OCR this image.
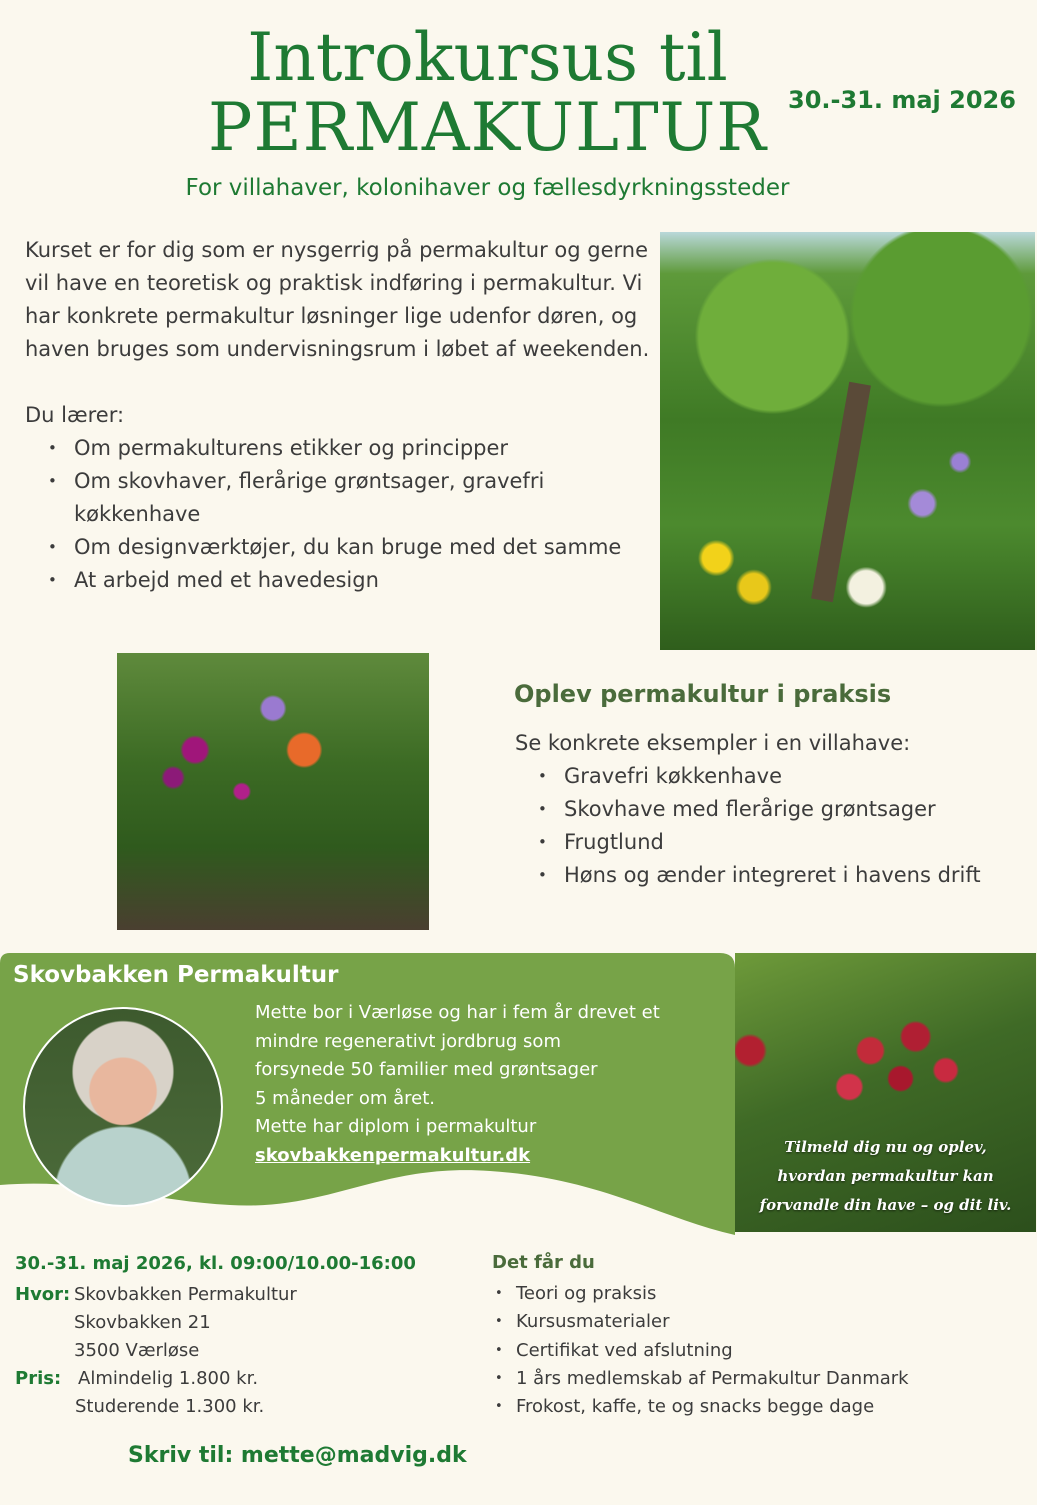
Introkursus til
PERMAKULTUR 30.-31. maj 2026
For villahaver, kolonihaver og fællesdyrkningssteder

Kurset er for dig som er nysgerrig på permakultur og gerne vil have en teoretisk og praktisk indføring i permakultur. Vi har konkrete permakultur løsninger lige udenfor døren, og haven bruges som undervisningsrum i løbet af weekenden.

Du lærer:
• Om permakulturens etikker og principper
• Om skovhaver, flerårige grøntsager, gravefri køkkenhave
• Om designværktøjer, du kan bruge med det samme
• At arbejd med et havedesign
Oplev permakultur i praksis
Se konkrete eksempler i en villahave:
• Gravefri køkkenhave
• Skovhave med flerårige grøntsager
• Frugtlund
• Høns og ænder integreret i havens drift
Skovbakken Permakultur
Mette bor i Værløse og har i fem år drevet et
mindre regenerativt jordbrug som
forsynede 50 familier med grøntsager
5 måneder om året.
Mette har diplom i permakultur
skovbakkenpermakultur.dk	Tilmeld dig nu og oplev,
hvordan permakultur kan
forvandle din have – og dit liv.
30.-31. maj 2026, kl. 09:00/10.00-16:00
Hvor: Skovbakken Permakultur
Skovbakken 21
3500 Værløse
Pris: Almindelig 1.800 kr.
Studerende 1.300 kr.
Det får du
• Teori og praksis
• Kursusmaterialer
• Certifikat ved afslutning
• 1 års medlemskab af Permakultur Danmark
• Frokost, kaffe, te og snacks begge dage
Skriv til: mette@madvig.dk
